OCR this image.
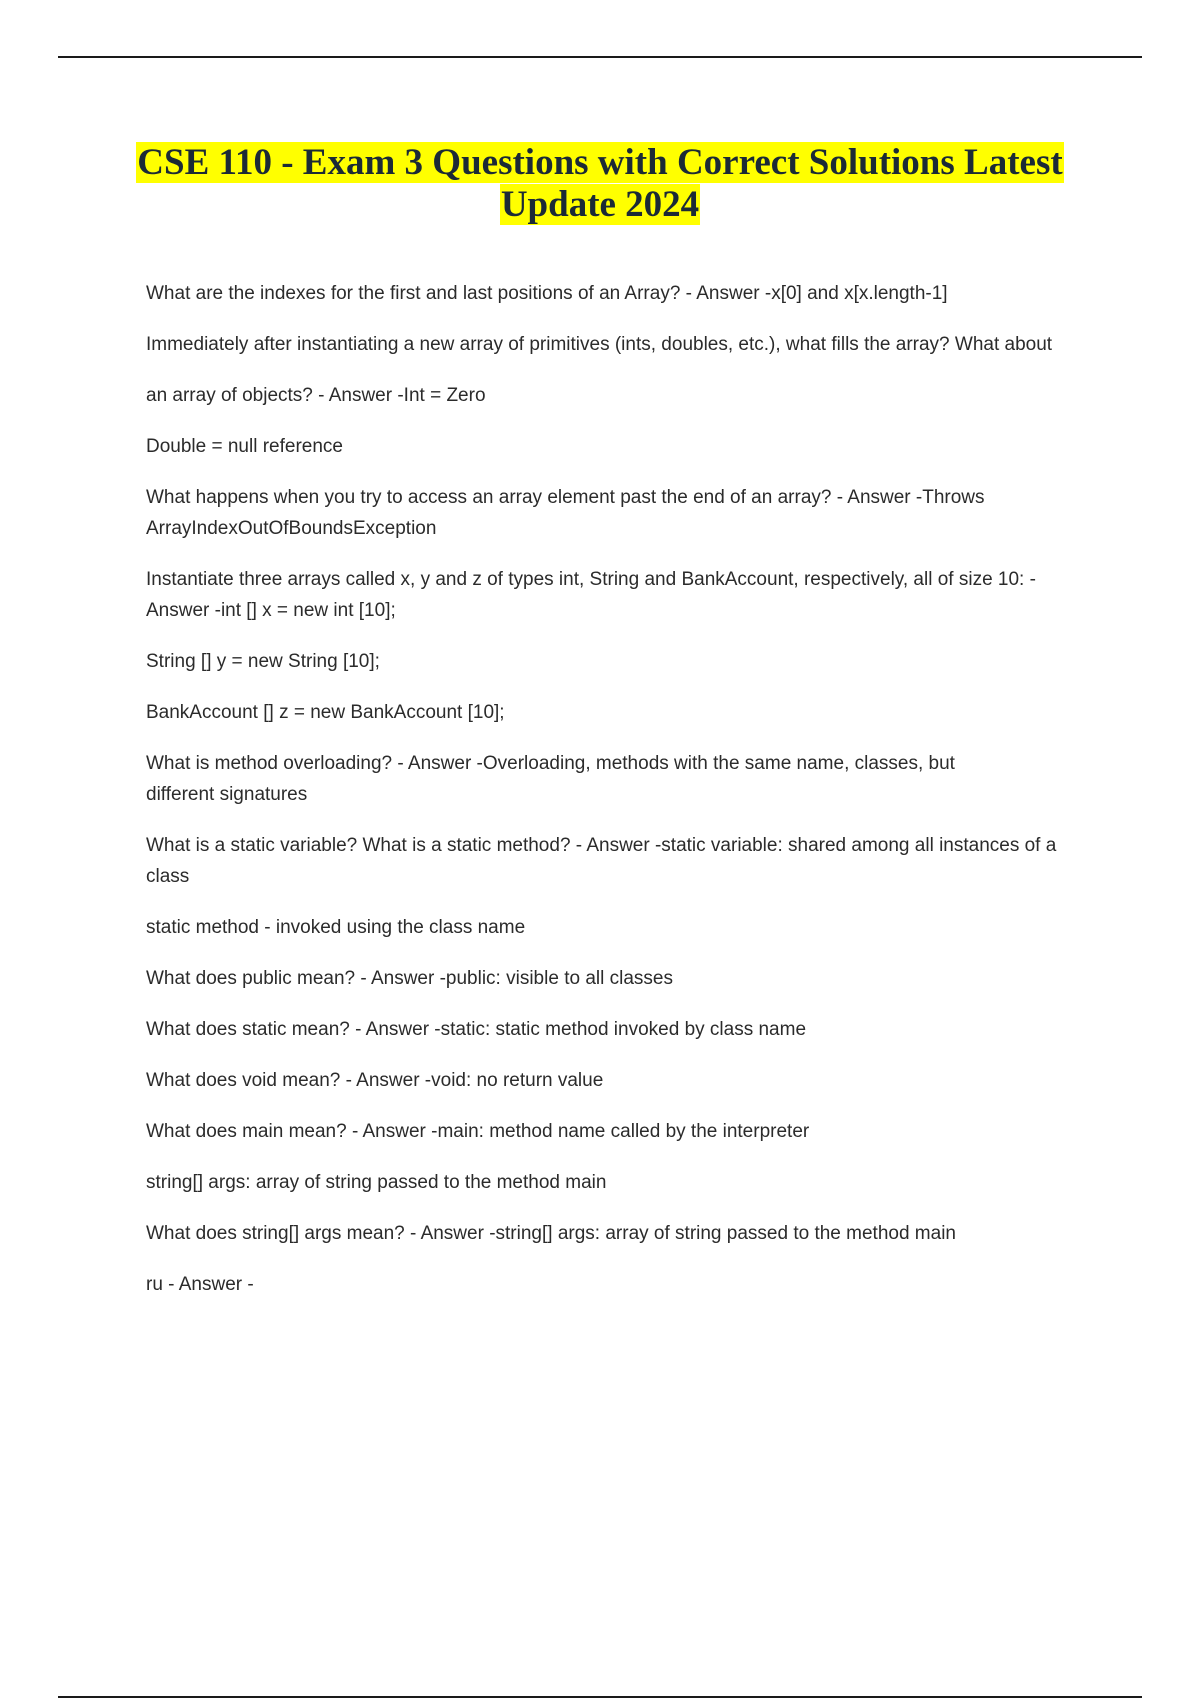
CSE 110 - Exam 3 Questions with Correct Solutions Latest
Update 2024

What are the indexes for the first and last positions of an Array? - Answer -x[0] and x[x.length-1]

Immediately after instantiating a new array of primitives (ints, doubles, etc.), what fills the array? What about

an array of objects? - Answer -Int = Zero

Double = null reference

What happens when you try to access an array element past the end of an array? - Answer -Throws ArrayIndexOutOfBoundsException

Instantiate three arrays called x, y and z of types int, String and BankAccount, respectively, all of size 10: - Answer -int [] x = new int [10];

String [] y = new String [10];

BankAccount [] z = new BankAccount [10];

What is method overloading? - Answer -Overloading, methods with the same name, classes, but different signatures

What is a static variable? What is a static method? - Answer -static variable: shared among all instances of a class

static method - invoked using the class name

What does public mean? - Answer -public: visible to all classes

What does static mean? - Answer -static: static method invoked by class name

What does void mean? - Answer -void: no return value

What does main mean? - Answer -main: method name called by the interpreter

string[] args: array of string passed to the method main

What does string[] args mean? - Answer -string[] args: array of string passed to the method main

ru - Answer -
